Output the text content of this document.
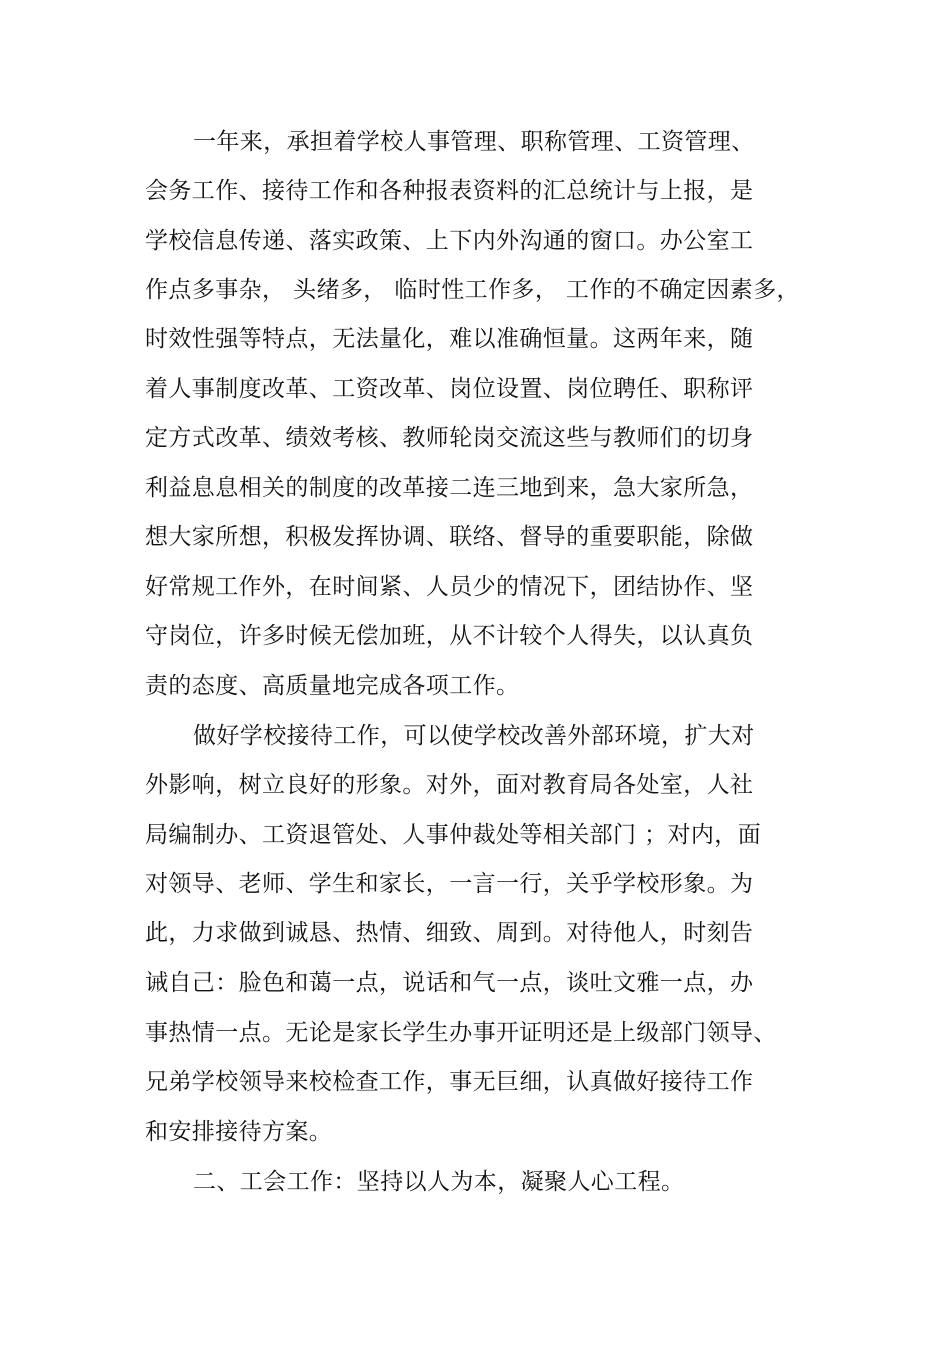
一年来，承担着学校人事管理、职称管理、工资管理、
会务工作、接待工作和各种报表资料的汇总统计与上报，是
学校信息传递、落实政策、上下内外沟通的窗口。办公室工
作点多事杂， 头绪多， 临时性工作多， 工作的不确定因素多，
时效性强等特点，无法量化，难以准确恒量。这两年来，随
着人事制度改革、工资改革、岗位设置、岗位聘任、职称评
定方式改革、绩效考核、教师轮岗交流这些与教师们的切身
利益息息相关的制度的改革接二连三地到来，急大家所急，
想大家所想，积极发挥协调、联络、督导的重要职能，除做
好常规工作外，在时间紧、人员少的情况下，团结协作、坚
守岗位，许多时候无偿加班，从不计较个人得失，以认真负
责的态度、高质量地完成各项工作。
做好学校接待工作，可以使学校改善外部环境，扩大对
外影响，树立良好的形象。对外，面对教育局各处室，人社
局编制办、工资退管处、人事仲裁处等相关部门 ；对内，面
对领导、老师、学生和家长，一言一行，关乎学校形象。为
此，力求做到诚恳、热情、细致、周到。对待他人，时刻告
诫自己：脸色和蔼一点，说话和气一点，谈吐文雅一点，办
事热情一点。无论是家长学生办事开证明还是上级部门领导、
兄弟学校领导来校检查工作，事无巨细，认真做好接待工作
和安排接待方案。
二、工会工作：坚持以人为本，凝聚人心工程。
